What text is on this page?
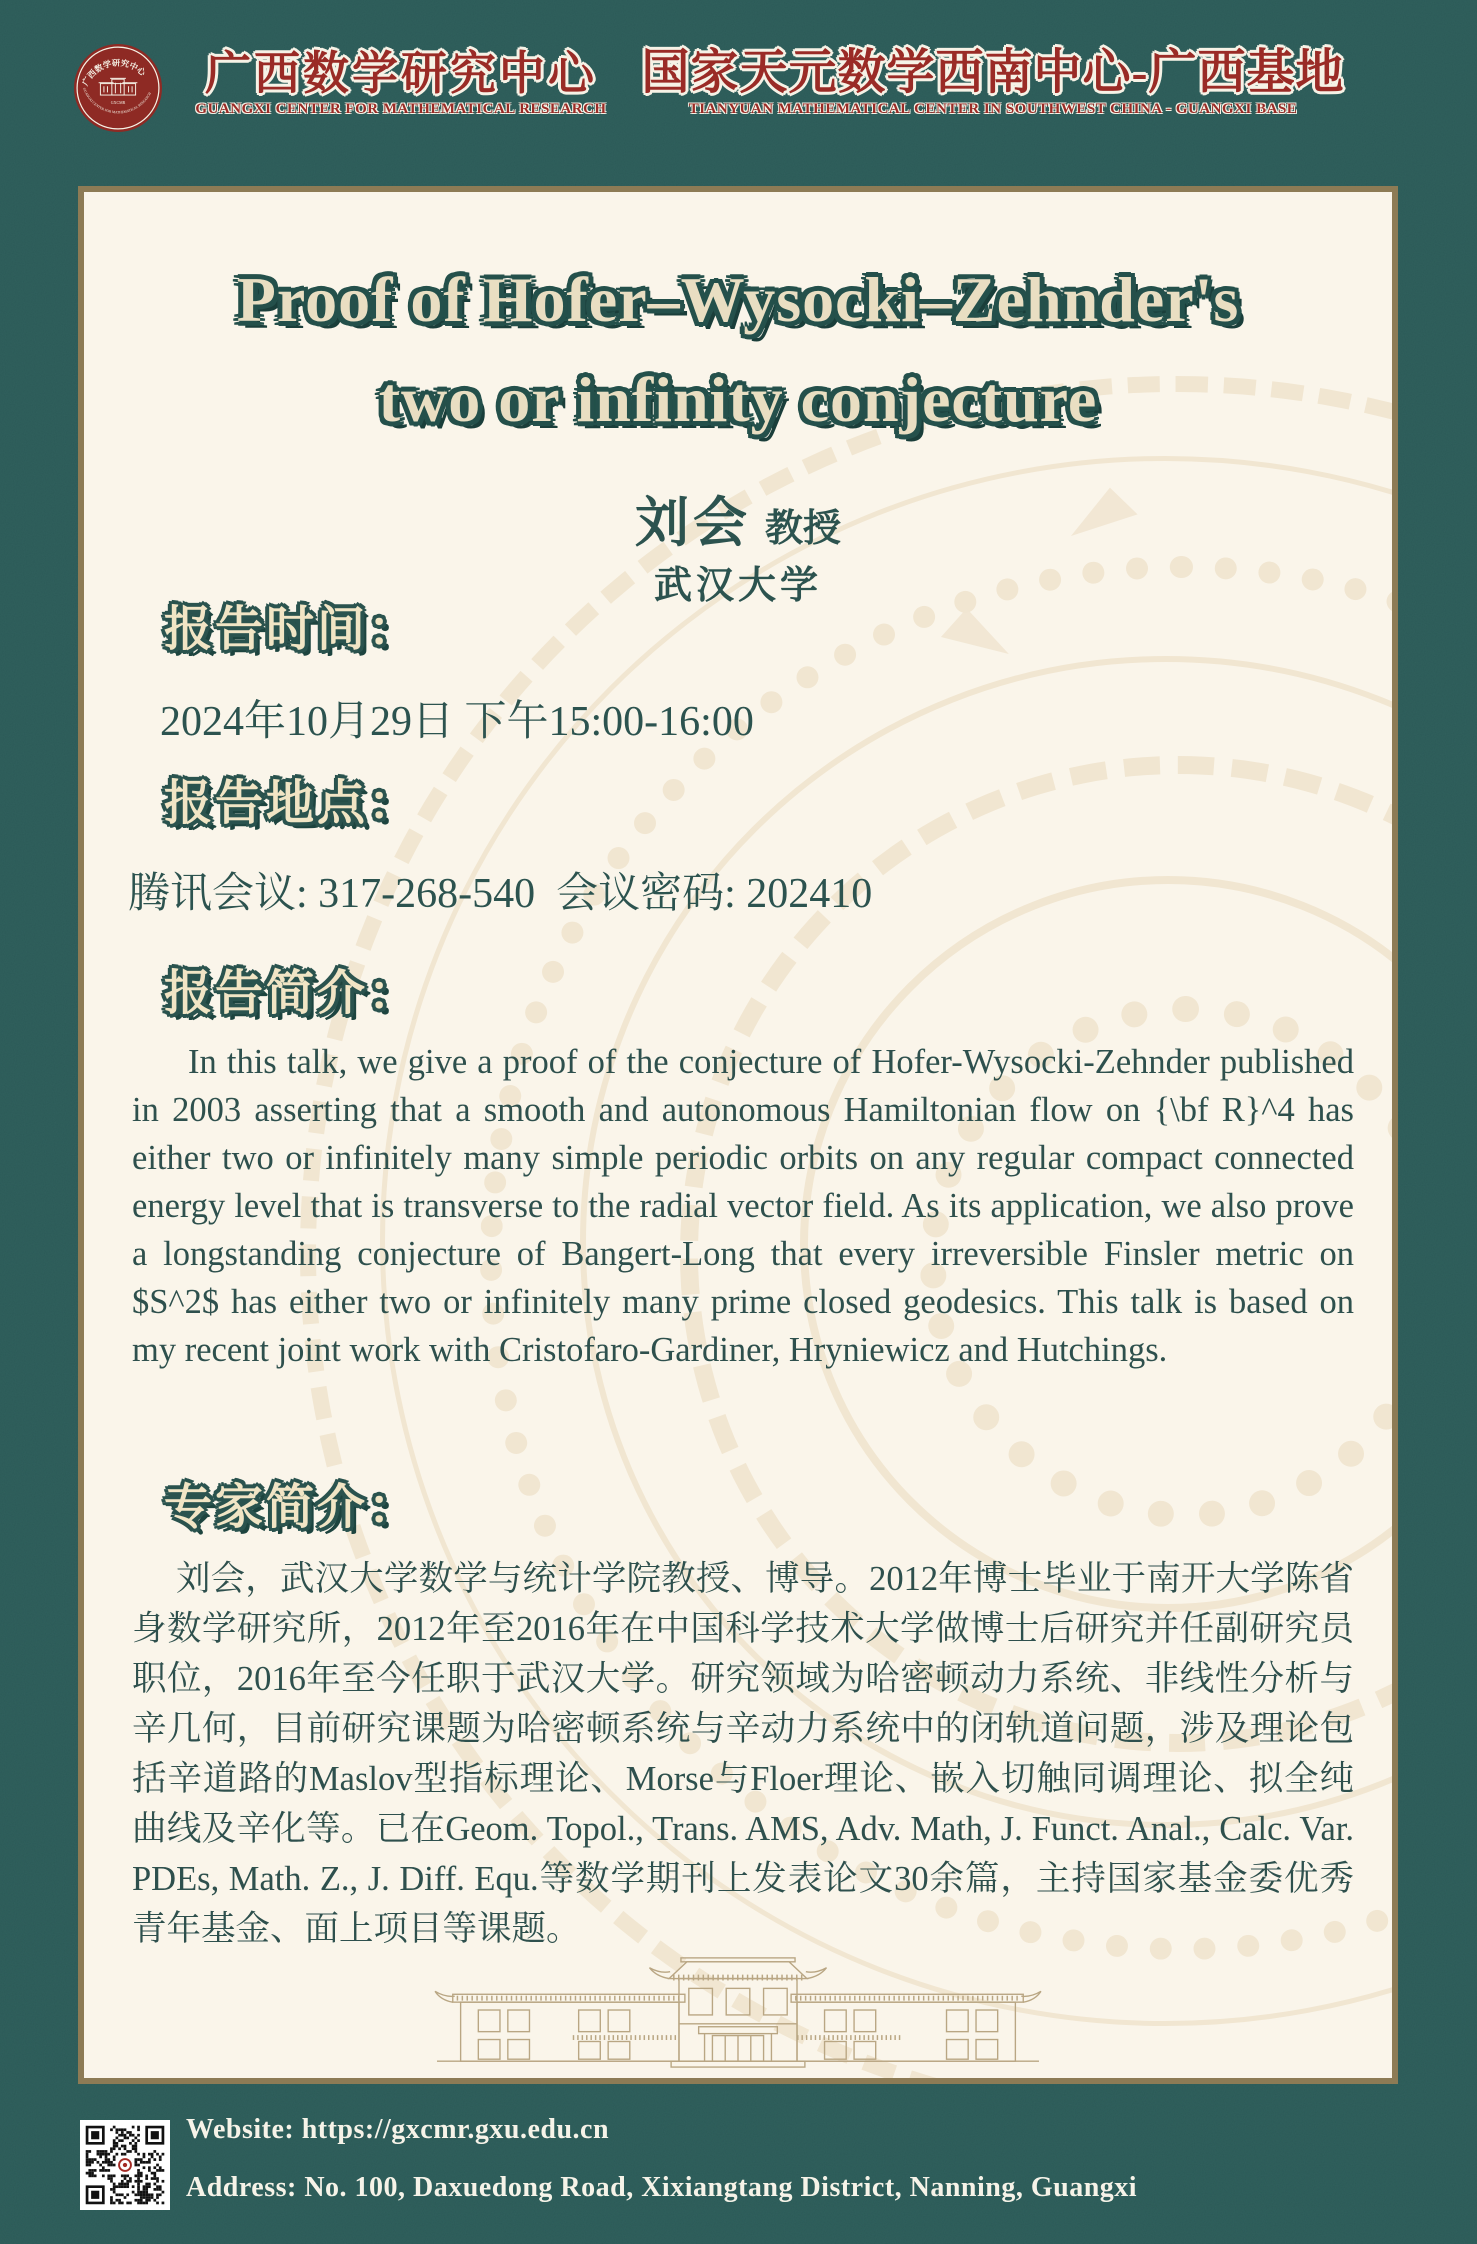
广西数学研究中心
GUANGXI CENTER FOR MATHEMATICAL RESEARCH
GXCMR
广西数学研究中心
GUANGXI CENTER FOR MATHEMATICAL RESEARCH
国家天元数学西南中心-广西基地
TIANYUAN MATHEMATICAL CENTER IN SOUTHWEST CHINA - GUANGXI BASE
Proof of Hofer–Wysocki–Zehnder's
two or infinity conjecture
刘会 教授
武汉大学
报告时间：
2024年10月29日 下午15:00-16:00
报告地点：
腾讯会议: 317-268-540  会议密码: 202410
报告简介：
In this talk, we give a proof of the conjecture of Hofer-Wysocki-Zehnder published in 2003 asserting that a smooth and autonomous Hamiltonian flow on {\bf R}^4 has either two or infinitely many simple periodic orbits on any regular compact connected energy level that is transverse to the radial vector field. As its application, we also prove a longstanding conjecture of Bangert-Long that every irreversible Finsler metric on $S^2$ has either two or infinitely many prime closed geodesics. This talk is based on my recent joint work with Cristofaro-Gardiner, Hryniewicz and Hutchings.
专家简介：
刘会，武汉大学数学与统计学院教授、博导。2012年博士毕业于南开大学陈省身数学研究所，2012年至2016年在中国科学技术大学做博士后研究并任副研究员职位，2016年至今任职于武汉大学。研究领域为哈密顿动力系统、非线性分析与辛几何，目前研究课题为哈密顿系统与辛动力系统中的闭轨道问题，涉及理论包括辛道路的Maslov型指标理论、Morse与Floer理论、嵌入切触同调理论、拟全纯曲线及辛化等。已在Geom. Topol., Trans. AMS, Adv. Math, J. Funct. Anal., Calc. Var. PDEs, Math. Z., J. Diff. Equ.等数学期刊上发表论文30余篇，主持国家基金委优秀青年基金、面上项目等课题。
Website: https://gxcmr.gxu.edu.cn
Address: No. 100, Daxuedong Road, Xixiangtang District, Nanning, Guangxi
